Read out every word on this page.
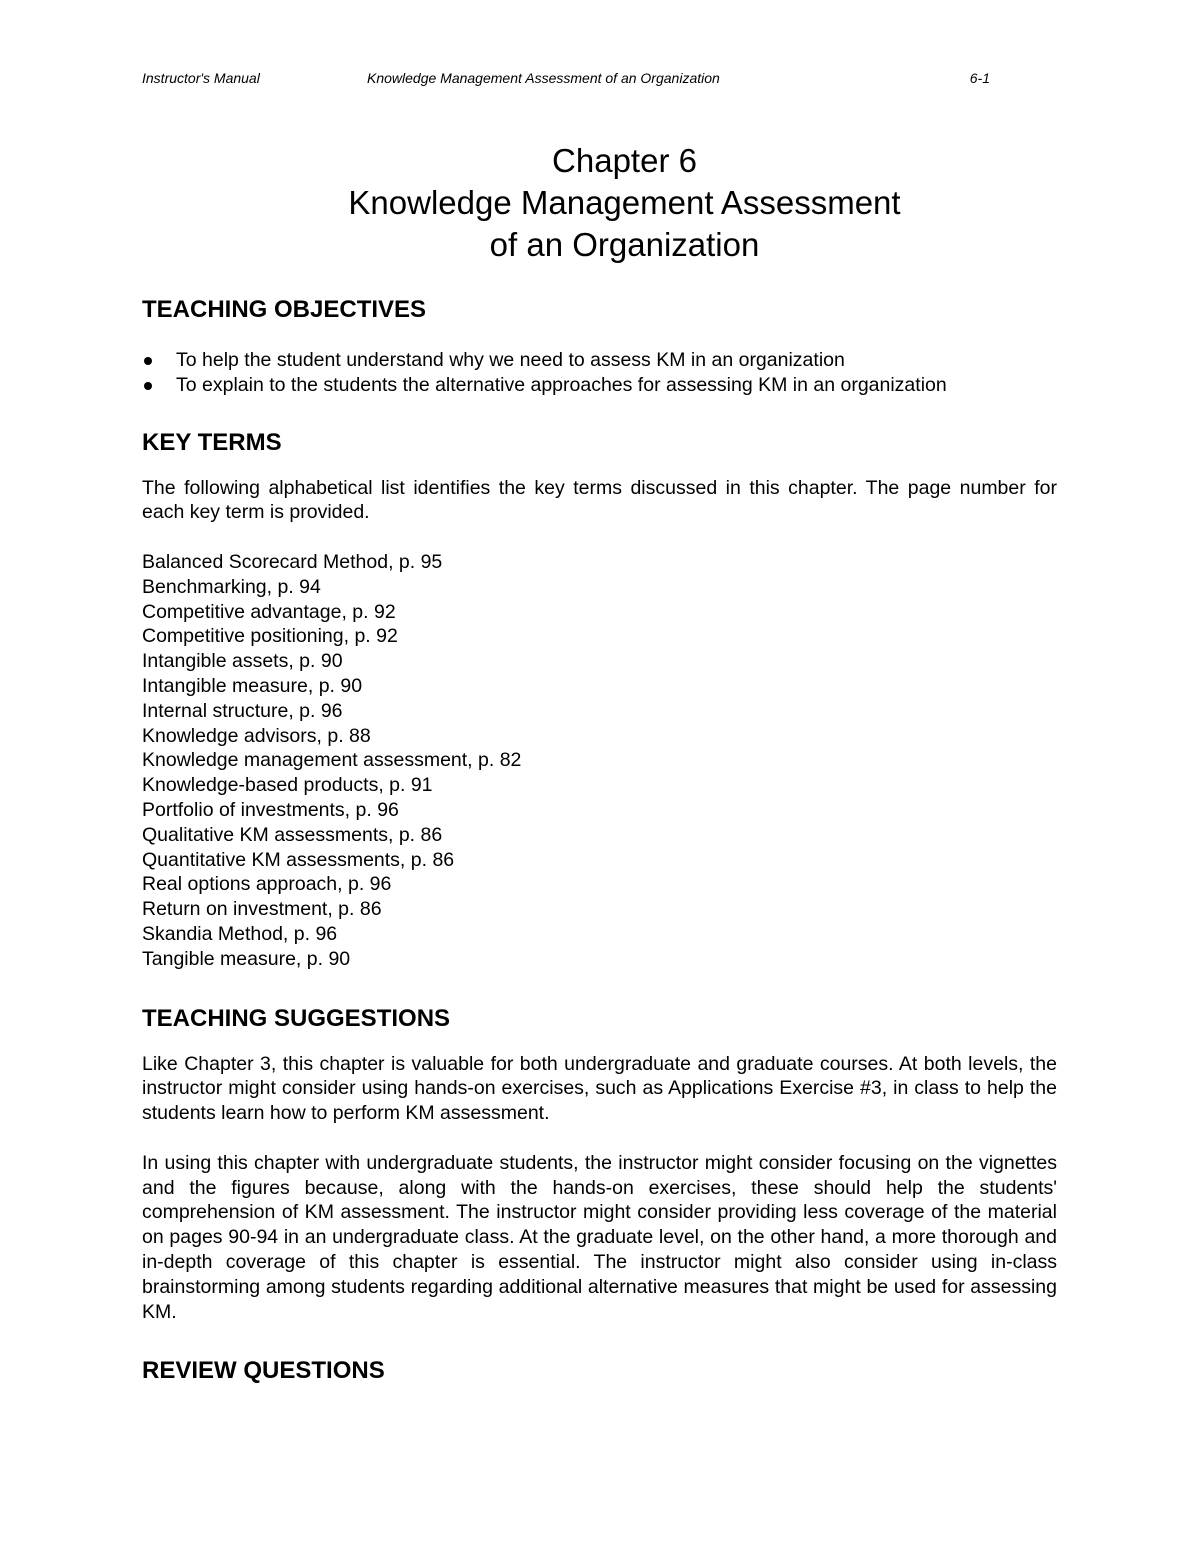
Instructor's Manual	Knowledge Management Assessment of an Organization	6-1
Chapter 6
Knowledge Management Assessment
of an Organization
TEACHING OBJECTIVES
To help the student understand why we need to assess KM in an organization
To explain to the students the alternative approaches for assessing KM in an organization
KEY TERMS

The following alphabetical list identifies the key terms discussed in this chapter. The page number for each key term is provided.

Balanced Scorecard Method, p. 95
Benchmarking, p. 94
Competitive advantage, p. 92
Competitive positioning, p. 92
Intangible assets, p. 90
Intangible measure, p. 90
Internal structure, p. 96
Knowledge advisors, p. 88
Knowledge management assessment, p. 82
Knowledge-based products, p. 91
Portfolio of investments, p. 96
Qualitative KM assessments, p. 86
Quantitative KM assessments, p. 86
Real options approach, p. 96
Return on investment, p. 86
Skandia Method, p. 96
Tangible measure, p. 90
TEACHING SUGGESTIONS

Like Chapter 3, this chapter is valuable for both undergraduate and graduate courses. At both levels, the instructor might consider using hands-on exercises, such as Applications Exercise #3, in class to help the students learn how to perform KM assessment.

In using this chapter with undergraduate students, the instructor might consider focusing on the vignettes and the figures because, along with the hands-on exercises, these should help the students' comprehension of KM assessment. The instructor might consider providing less coverage of the material on pages 90-94 in an undergraduate class. At the graduate level, on the other hand, a more thorough and in-depth coverage of this chapter is essential. The instructor might also consider using in-class brainstorming among students regarding additional alternative measures that might be used for assessing KM.

REVIEW QUESTIONS
